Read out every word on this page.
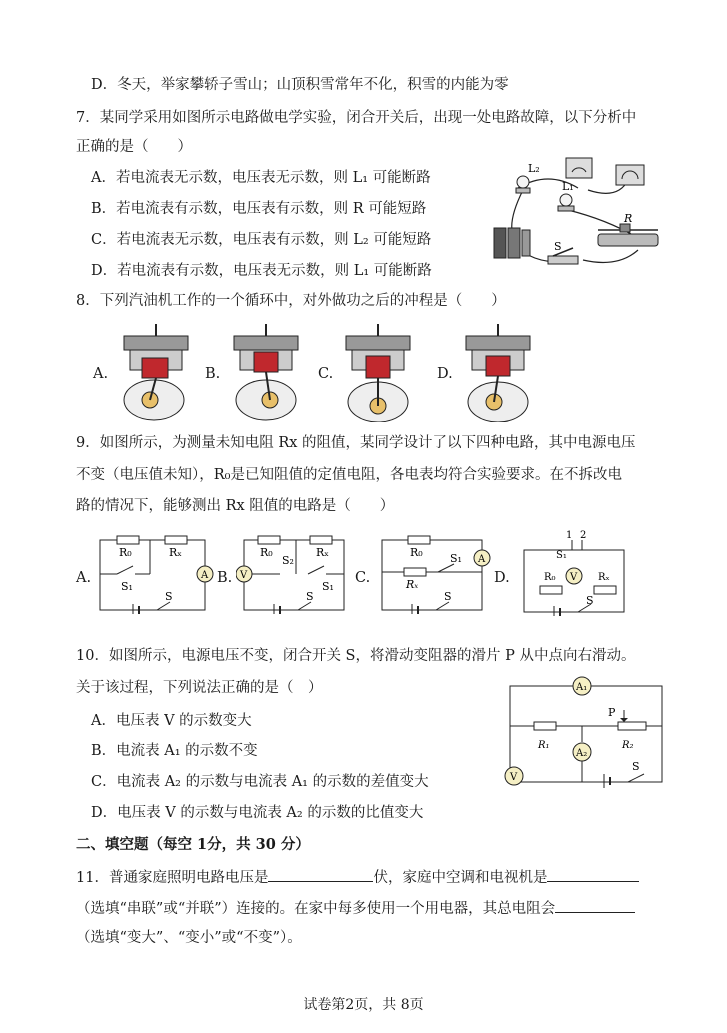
D．冬天，举家攀轿子雪山；山顶积雪常年不化，积雪的内能为零
7．某同学采用如图所示电路做电学实验，闭合开关后，出现一处电路故障，以下分析中
正确的是（　　）
A．若电流表无示数，电压表无示数，则 L₁ 可能断路
B．若电流表有示数，电压表有示数，则 R 可能短路
C．若电流表无示数，电压表有示数，则 L₂ 可能短路
D．若电流表有示数，电压表无示数，则 L₁ 可能断路
8．下列汽油机工作的一个循环中，对外做功之后的冲程是（　　）
L₂
L₁
S
R
A.	B.	C.	D.
9．如图所示，为测量未知电阻 Rx 的阻值，某同学设计了以下四种电路，其中电源电压
不变（电压值未知），R₀是已知阻值的定值电阻，各电表均符合实验要求。在不拆改电
路的情况下，能够测出 Rx 阻值的电路是（　　）
A.
R₀	Rₓ
S₁
A
S
B.
R₀	Rₓ
S₂
V
S₁
S
C.
R₀
Rₓ
S₁ A
S
D.
1 2
S₁
V
R₀	Rₓ
S
10．如图所示，电源电压不变，闭合开关 S，将滑动变阻器的滑片 P 从中点向右滑动。
关于该过程，下列说法正确的是（　）
A．电压表 V 的示数变大
B．电流表 A₁ 的示数不变
C．电流表 A₂ 的示数与电流表 A₁ 的示数的差值变大
D．电压表 V 的示数与电流表 A₂ 的示数的比值变大
A₁
R₁	R₂
P
A₂
V
S
二、填空题（每空 1分，共 30 分）
11．普通家庭照明电路电压是	伏，家庭中空调和电视机是
（选填“串联”或“并联”）连接的。在家中每多使用一个用电器，其总电阻会
（选填“变大”、“变小”或“不变”）。
试卷第2页，共 8页
